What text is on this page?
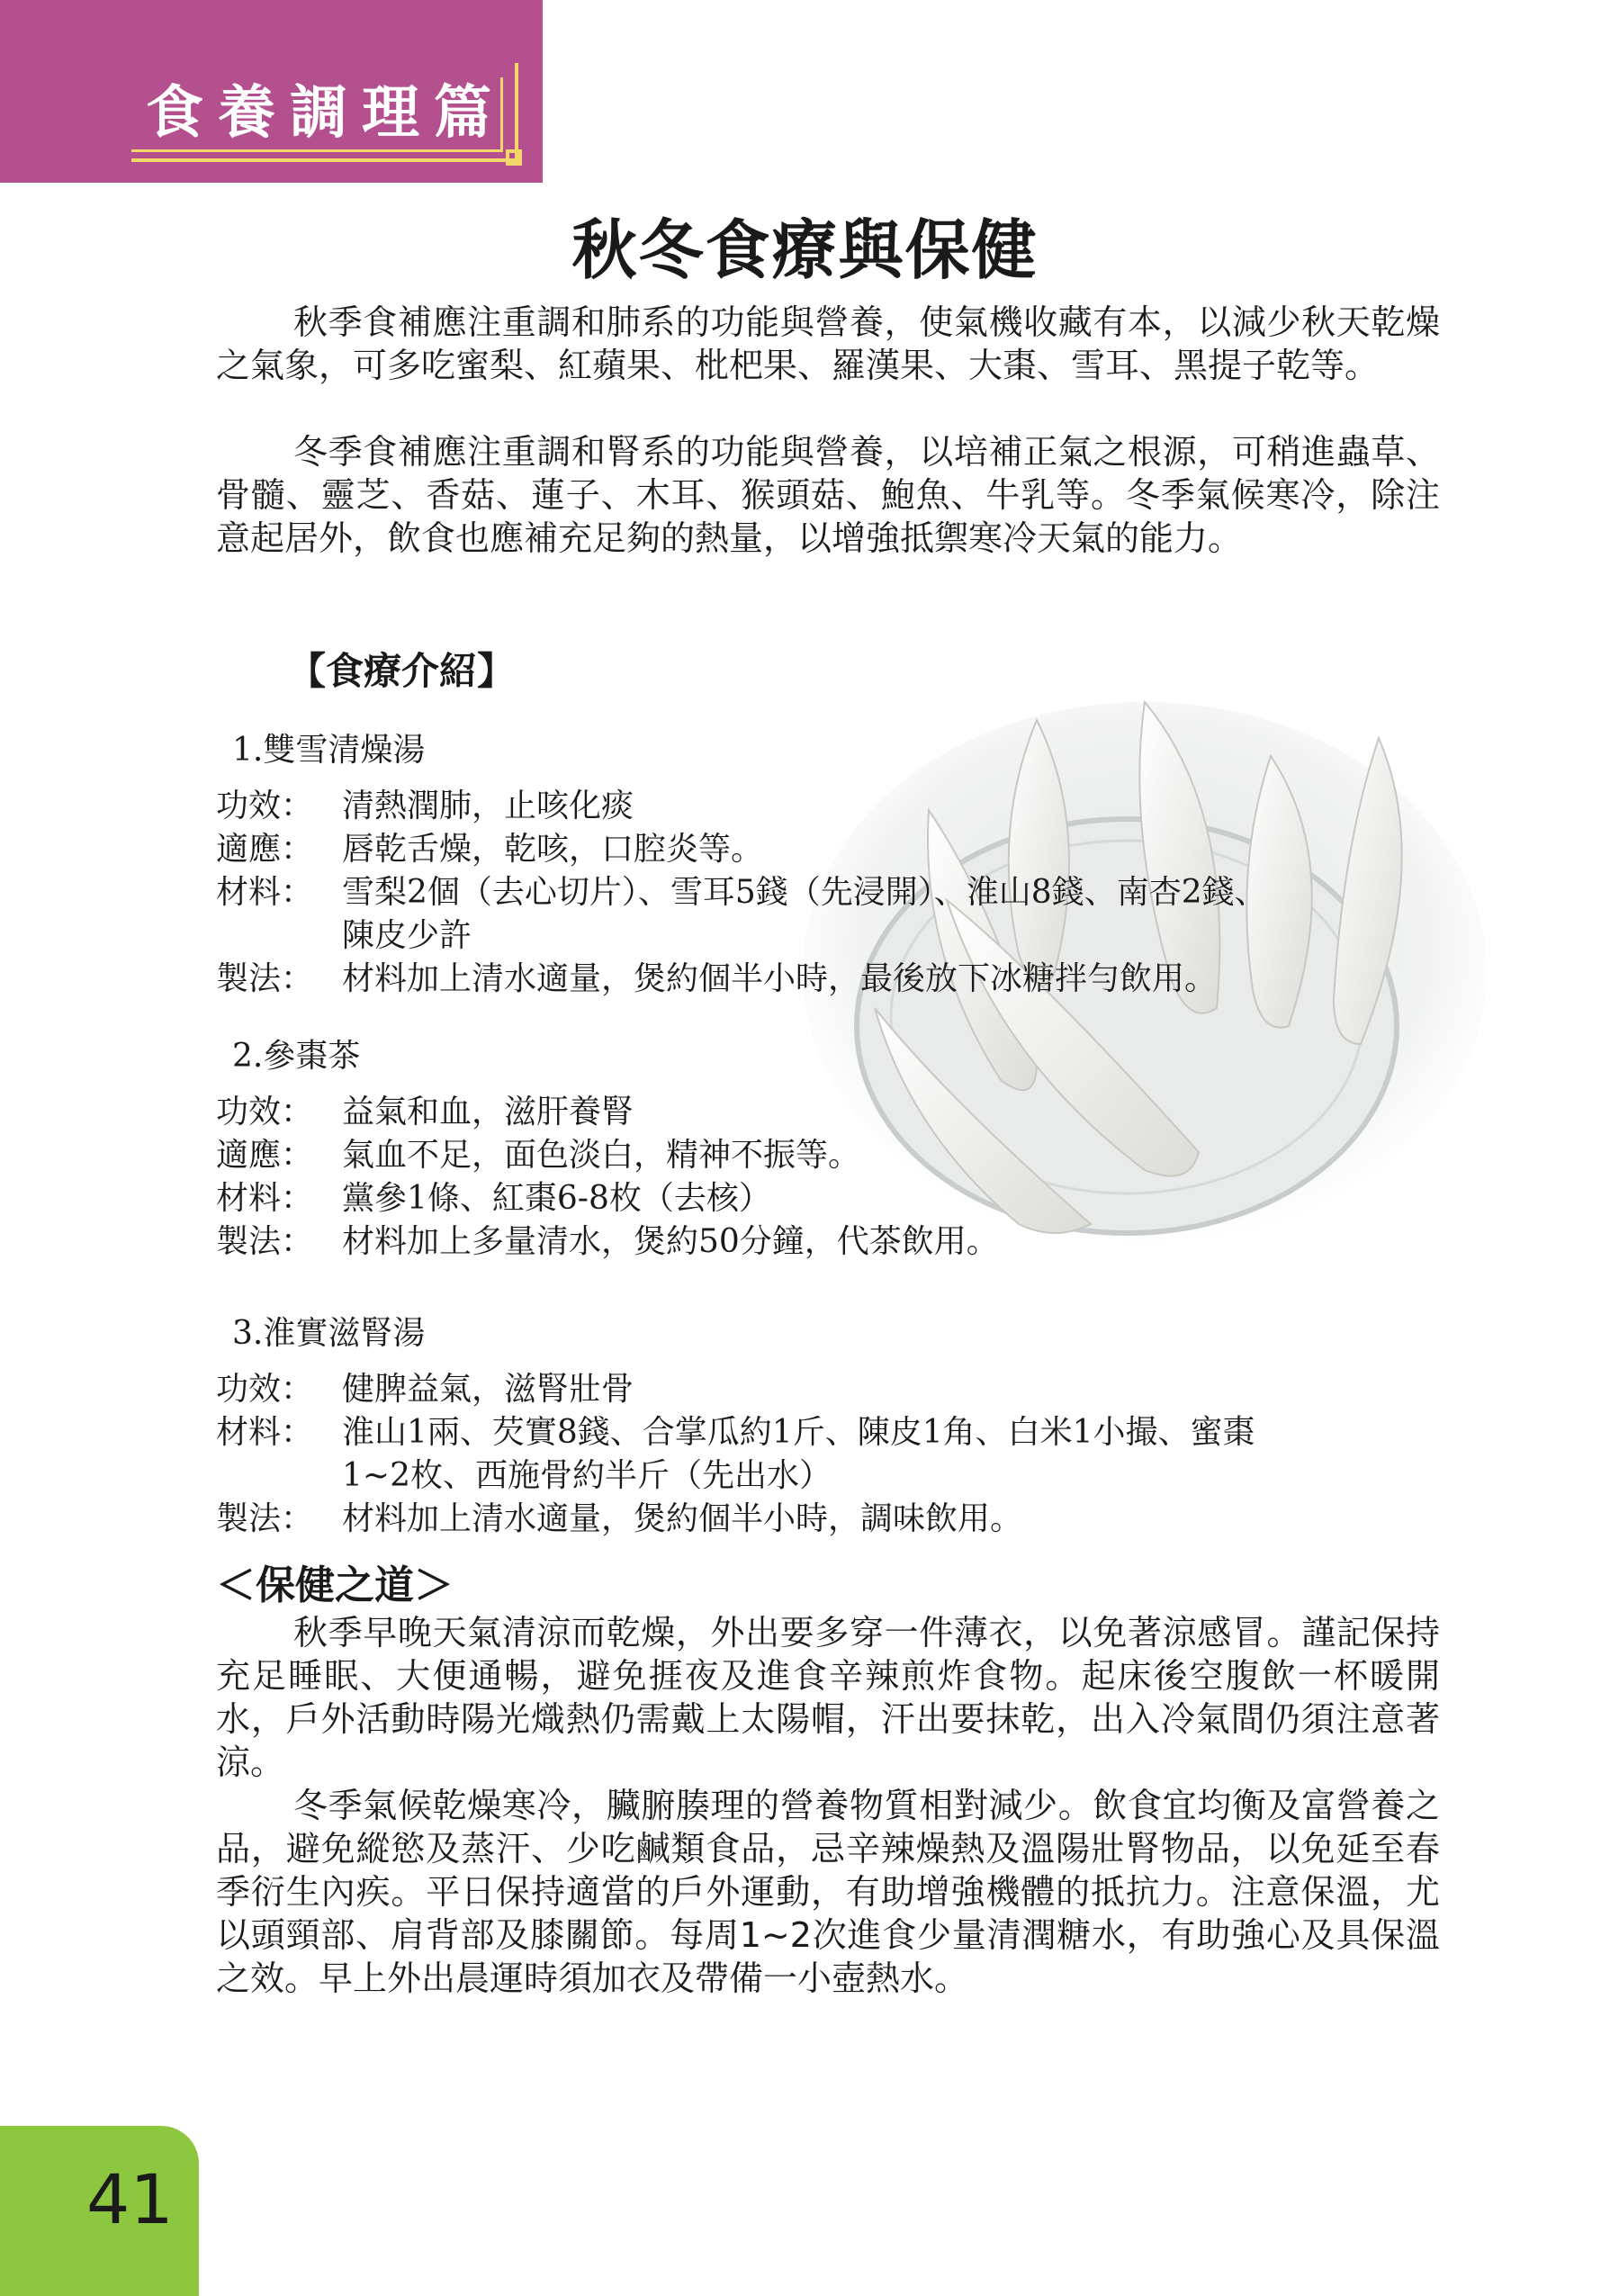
食養調理篇
秋冬食療與保健

秋季食補應注重調和肺系的功能與營養，使氣機收藏有本，以減少秋天乾燥之氣象，可多吃蜜梨、紅蘋果、枇杷果、羅漢果、大棗、雪耳、黑提子乾等。

冬季食補應注重調和腎系的功能與營養，以培補正氣之根源，可稍進蟲草、骨髓、靈芝、香菇、蓮子、木耳、猴頭菇、鮑魚、牛乳等。冬季氣候寒冷，除注意起居外，飲食也應補充足夠的熱量，以增強抵禦寒冷天氣的能力。

【食療介紹】

1.雙雪清燥湯

功效： 清熱潤肺，止咳化痰
適應： 唇乾舌燥，乾咳，口腔炎等。
材料： 雪梨2個（去心切片）、雪耳5錢（先浸開）、淮山8錢、南杏2錢、陳皮少許
製法： 材料加上清水適量，煲約個半小時，最後放下冰糖拌勻飲用。

2.參棗茶

功效： 益氣和血，滋肝養腎
適應： 氣血不足，面色淡白，精神不振等。
材料： 黨參1條、紅棗6-8枚（去核）
製法： 材料加上多量清水，煲約50分鐘，代茶飲用。

3.淮實滋腎湯

功效： 健脾益氣，滋腎壯骨
材料： 淮山1兩、芡實8錢、合掌瓜約1斤、陳皮1角、白米1小撮、蜜棗1~2枚、西施骨約半斤（先出水）
製法： 材料加上清水適量，煲約個半小時，調味飲用。
＜保健之道＞

秋季早晚天氣清涼而乾燥，外出要多穿一件薄衣，以免著涼感冒。謹記保持充足睡眠、大便通暢，避免捱夜及進食辛辣煎炸食物。起床後空腹飲一杯暖開水，戶外活動時陽光熾熱仍需戴上太陽帽，汗出要抹乾，出入冷氣間仍須注意著涼。

冬季氣候乾燥寒冷，臟腑腠理的營養物質相對減少。飲食宜均衡及富營養之品，避免縱慾及蒸汗、少吃鹹類食品，忌辛辣燥熱及溫陽壯腎物品，以免延至春季衍生內疾。平日保持適當的戶外運動，有助增強機體的抵抗力。注意保溫，尤以頭頸部、肩背部及膝關節。每周1~2次進食少量清潤糖水，有助強心及具保溫之效。早上外出晨運時須加衣及帶備一小壺熱水。

41
